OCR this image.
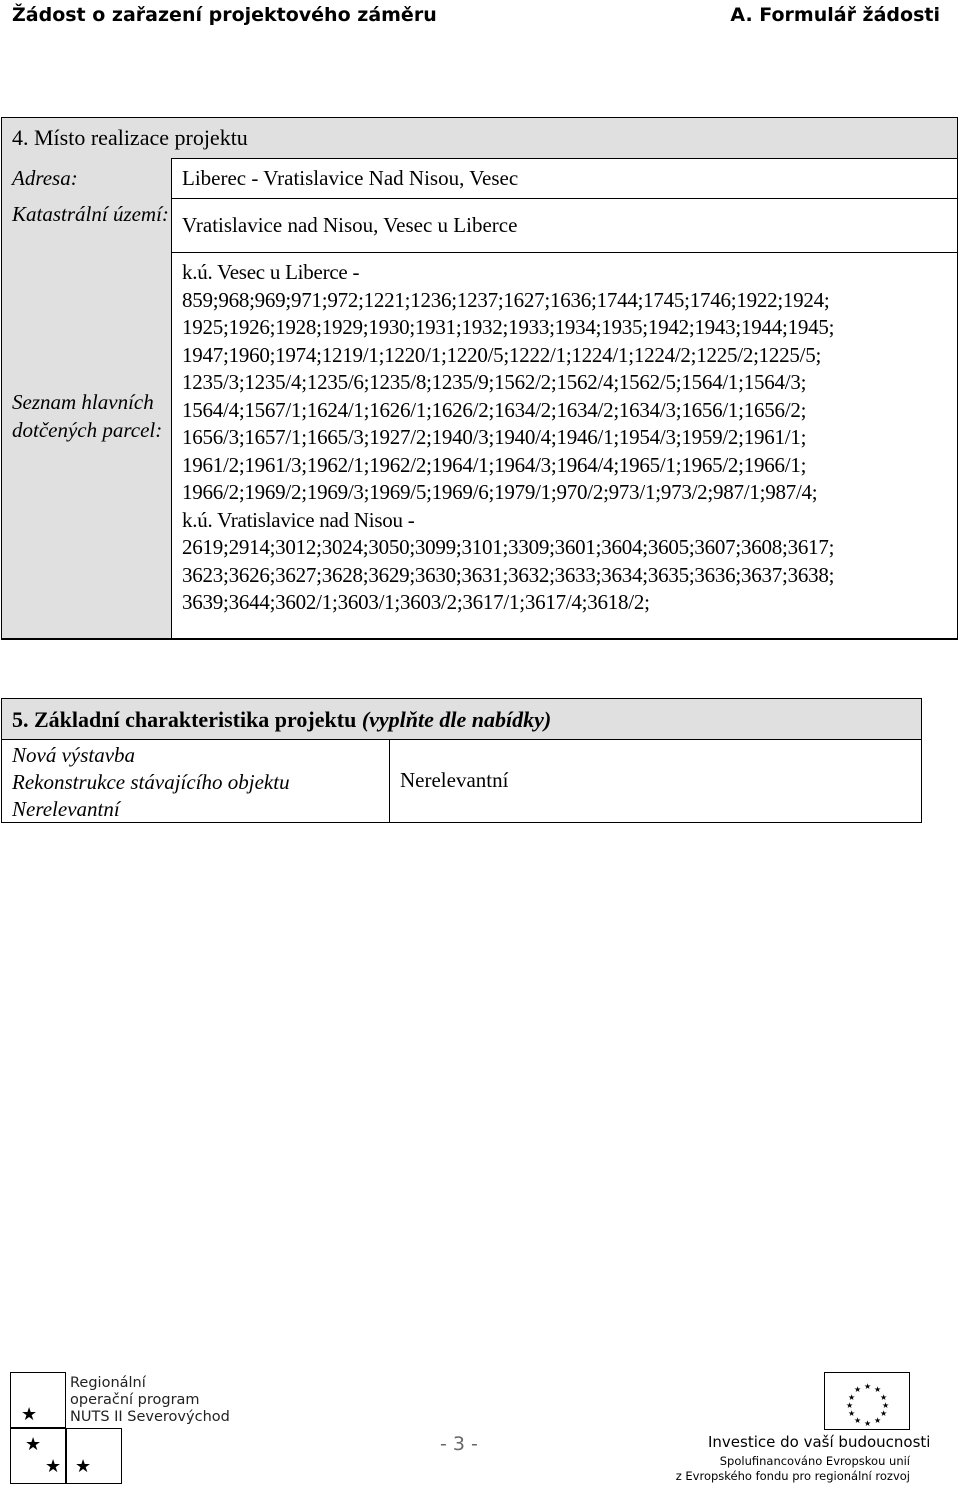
Žádost o zařazení projektového záměru	A. Formulář žádosti
4. Místo realizace projektu
Adresa:	Liberec - Vratislavice Nad Nisou, Vesec
Katastrální území: Vratislavice nad Nisou, Vesec u Liberce
Seznam hlavních dotčených parcel:
k.ú. Vesec u Liberce -
859;968;969;971;972;1221;1236;1237;1627;1636;1744;1745;1746;1922;1924;
1925;1926;1928;1929;1930;1931;1932;1933;1934;1935;1942;1943;1944;1945;
1947;1960;1974;1219/1;1220/1;1220/5;1222/1;1224/1;1224/2;1225/2;1225/5;
1235/3;1235/4;1235/6;1235/8;1235/9;1562/2;1562/4;1562/5;1564/1;1564/3;
1564/4;1567/1;1624/1;1626/1;1626/2;1634/2;1634/2;1634/3;1656/1;1656/2;
1656/3;1657/1;1665/3;1927/2;1940/3;1940/4;1946/1;1954/3;1959/2;1961/1;
1961/2;1961/3;1962/1;1962/2;1964/1;1964/3;1964/4;1965/1;1965/2;1966/1;
1966/2;1969/2;1969/3;1969/5;1969/6;1979/1;970/2;973/1;973/2;987/1;987/4;
k.ú. Vratislavice nad Nisou -
2619;2914;3012;3024;3050;3099;3101;3309;3601;3604;3605;3607;3608;3617;
3623;3626;3627;3628;3629;3630;3631;3632;3633;3634;3635;3636;3637;3638;
3639;3644;3602/1;3603/1;3603/2;3617/1;3617/4;3618/2;
5. Základní charakteristika projektu (vyplňte dle nabídky)
Nová výstavba
Rekonstrukce stávajícího objektu
Nerelevantní
Nerelevantní
★
★
★ ★
Regionální
operační program
NUTS II Severovýchod
- 3 -
★ ★
★
★
★
★
★
★
★
★
★
★
Investice do vaší budoucnosti
Spolufinancováno Evropskou unií
z Evropského fondu pro regionální rozvoj
